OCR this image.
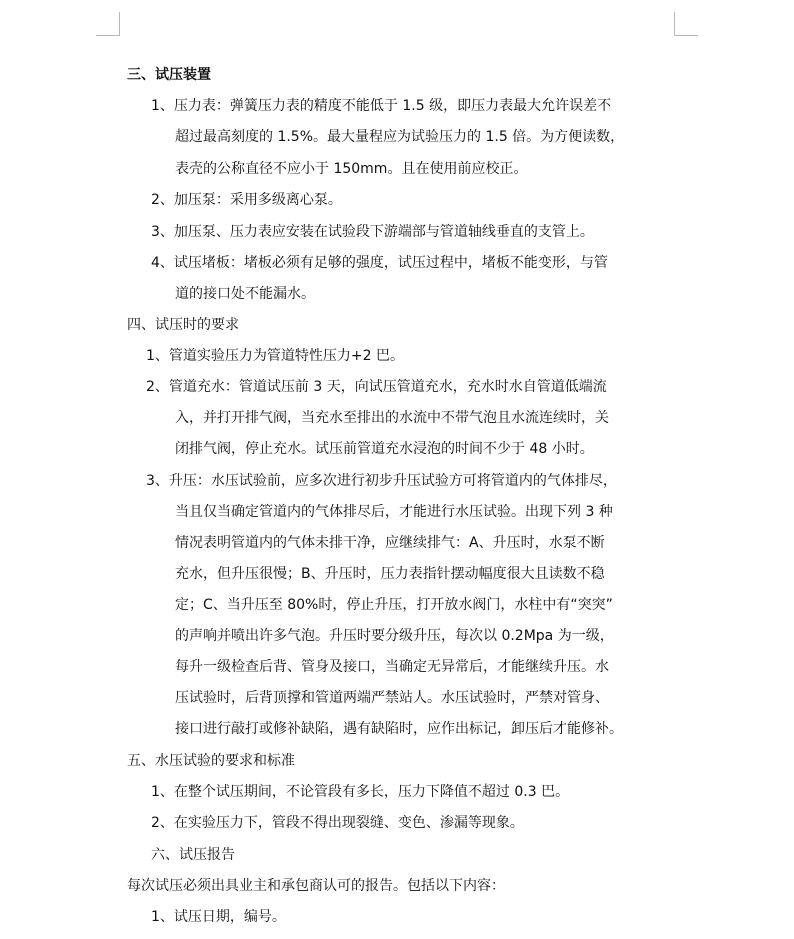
三、试压装置
1、压力表：弹簧压力表的精度不能低于 1.5 级，即压力表最大允许误差不
超过最高刻度的 1.5%。最大量程应为试验压力的 1.5 倍。为方便读数，
表壳的公称直径不应小于 150mm。且在使用前应校正。
2、加压泵：采用多级离心泵。
3、加压泵、压力表应安装在试验段下游端部与管道轴线垂直的支管上。
4、试压堵板：堵板必须有足够的强度，试压过程中，堵板不能变形，与管
道的接口处不能漏水。
四、试压时的要求
1、管道实验压力为管道特性压力+2 巴。
2、管道充水：管道试压前 3 天，向试压管道充水，充水时水自管道低端流
入，并打开排气阀，当充水至排出的水流中不带气泡且水流连续时，关
闭排气阀，停止充水。试压前管道充水浸泡的时间不少于 48 小时。
3、升压：水压试验前，应多次进行初步升压试验方可将管道内的气体排尽，
当且仅当确定管道内的气体排尽后，才能进行水压试验。出现下列 3 种
情况表明管道内的气体未排干净，应继续排气：A、升压时，水泵不断
充水，但升压很慢；B、升压时，压力表指针摆动幅度很大且读数不稳
定；C、当升压至 80%时，停止升压，打开放水阀门，水柱中有“突突”
的声响并喷出许多气泡。升压时要分级升压，每次以 0.2Mpa 为一级，
每升一级检查后背、管身及接口，当确定无异常后，才能继续升压。水
压试验时，后背顶撑和管道两端严禁站人。水压试验时，严禁对管身、
接口进行敲打或修补缺陷，遇有缺陷时，应作出标记，卸压后才能修补。
五、水压试验的要求和标准
1、在整个试压期间，不论管段有多长，压力下降值不超过 0.3 巴。
2、在实验压力下，管段不得出现裂缝、变色、渗漏等现象。
六、试压报告
每次试压必须出具业主和承包商认可的报告。包括以下内容：
1、试压日期，编号。
